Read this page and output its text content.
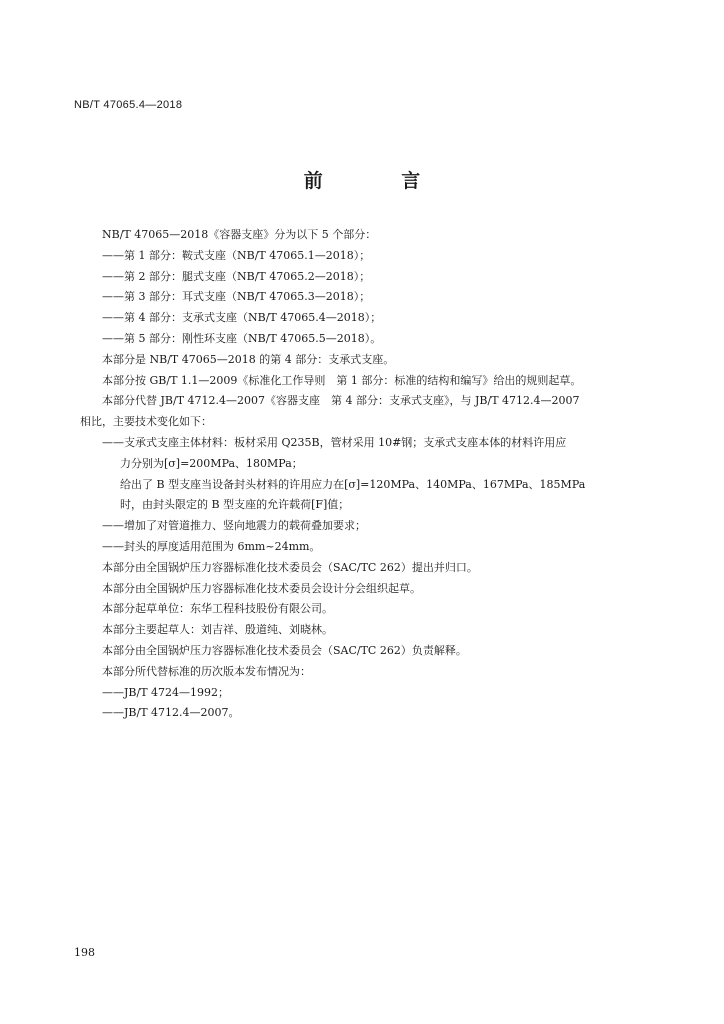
NB/T 47065.4—2018
前 言

NB/T 47065—2018《容器支座》分为以下 5 个部分：

——第 1 部分：鞍式支座（NB/T 47065.1—2018）；

——第 2 部分：腿式支座（NB/T 47065.2—2018）；

——第 3 部分：耳式支座（NB/T 47065.3—2018）；

——第 4 部分：支承式支座（NB/T 47065.4—2018）；

——第 5 部分：刚性环支座（NB/T 47065.5—2018）。

本部分是 NB/T 47065—2018 的第 4 部分：支承式支座。

本部分按 GB/T 1.1—2009《标准化工作导则　第 1 部分：标准的结构和编写》给出的规则起草。

本部分代替 JB/T 4712.4—2007《容器支座　第 4 部分：支承式支座》，与 JB/T 4712.4—2007

相比，主要技术变化如下：

——支承式支座主体材料：板材采用 Q235B，管材采用 10#钢；支承式支座本体的材料许用应

力分别为[σ]=200MPa、180MPa；

给出了 B 型支座当设备封头材料的许用应力在[σ]=120MPa、140MPa、167MPa、185MPa

时，由封头限定的 B 型支座的允许载荷[F]值；

——增加了对管道推力、竖向地震力的载荷叠加要求；

——封头的厚度适用范围为 6mm~24mm。

本部分由全国锅炉压力容器标准化技术委员会（SAC/TC 262）提出并归口。

本部分由全国锅炉压力容器标准化技术委员会设计分会组织起草。

本部分起草单位：东华工程科技股份有限公司。

本部分主要起草人：刘吉祥、殷道纯、刘晓林。

本部分由全国锅炉压力容器标准化技术委员会（SAC/TC 262）负责解释。

本部分所代替标准的历次版本发布情况为：

——JB/T 4724—1992；

——JB/T 4712.4—2007。

198
